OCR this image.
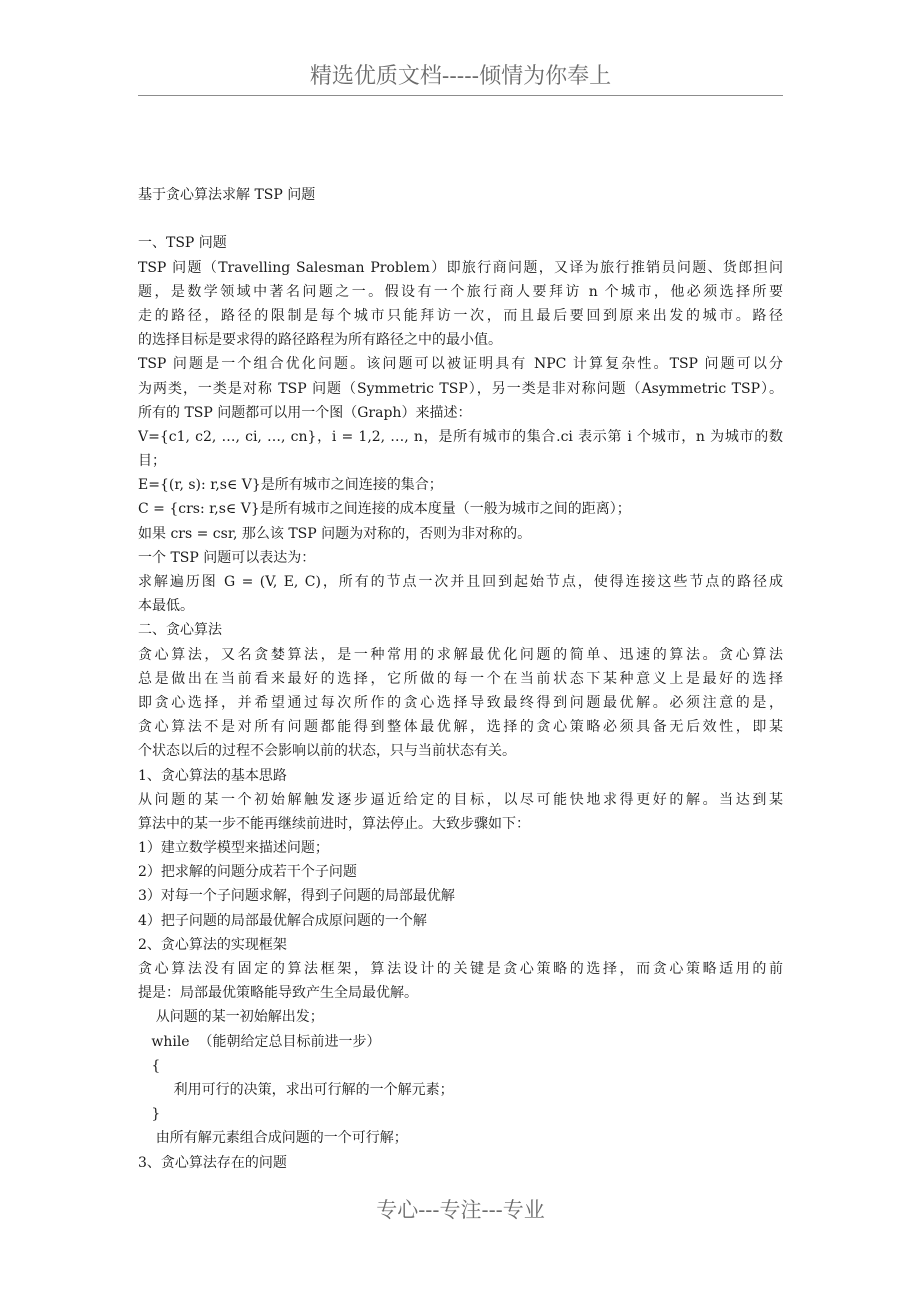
精选优质文档-----倾情为你奉上
基于贪心算法求解 TSP 问题
一、TSP 问题
TSP 问题（Travelling Salesman Problem）即旅行商问题，又译为旅行推销员问题、货郎担问
题，是数学领域中著名问题之一。假设有一个旅行商人要拜访 n 个城市，他必须选择所要
走的路径，路径的限制是每个城市只能拜访一次，而且最后要回到原来出发的城市。路径
的选择目标是要求得的路径路程为所有路径之中的最小值。
TSP 问题是一个组合优化问题。该问题可以被证明具有 NPC 计算复杂性。TSP 问题可以分
为两类，一类是对称 TSP 问题（Symmetric TSP），另一类是非对称问题（Asymmetric TSP）。
所有的 TSP 问题都可以用一个图（Graph）来描述：
V={c1, c2, …, ci, …, cn}，i = 1,2, …, n，是所有城市的集合.ci 表示第 i 个城市，n 为城市的数
目；
E={(r, s): r,s∈ V}是所有城市之间连接的集合；
C = {crs: r,s∈ V}是所有城市之间连接的成本度量（一般为城市之间的距离）；
如果 crs = csr, 那么该 TSP 问题为对称的，否则为非对称的。
一个 TSP 问题可以表达为：
求解遍历图 G = (V, E, C)，所有的节点一次并且回到起始节点，使得连接这些节点的路径成
本最低。
二、贪心算法
贪心算法，又名贪婪算法，是一种常用的求解最优化问题的简单、迅速的算法。贪心算法
总是做出在当前看来最好的选择，它所做的每一个在当前状态下某种意义上是最好的选择
即贪心选择，并希望通过每次所作的贪心选择导致最终得到问题最优解。必须注意的是，
贪心算法不是对所有问题都能得到整体最优解，选择的贪心策略必须具备无后效性，即某
个状态以后的过程不会影响以前的状态，只与当前状态有关。
1、贪心算法的基本思路
从问题的某一个初始解触发逐步逼近给定的目标，以尽可能快地求得更好的解。当达到某
算法中的某一步不能再继续前进时，算法停止。大致步骤如下：
1）建立数学模型来描述问题；
2）把求解的问题分成若干个子问题
3）对每一个子问题求解，得到子问题的局部最优解
4）把子问题的局部最优解合成原问题的一个解
2、贪心算法的实现框架
贪心算法没有固定的算法框架，算法设计的关键是贪心策略的选择，而贪心策略适用的前
提是：局部最优策略能导致产生全局最优解。
从问题的某一初始解出发；
while  （能朝给定总目标前进一步）
{
利用可行的决策，求出可行解的一个解元素；
}
由所有解元素组合成问题的一个可行解；
3、贪心算法存在的问题
专心---专注---专业
